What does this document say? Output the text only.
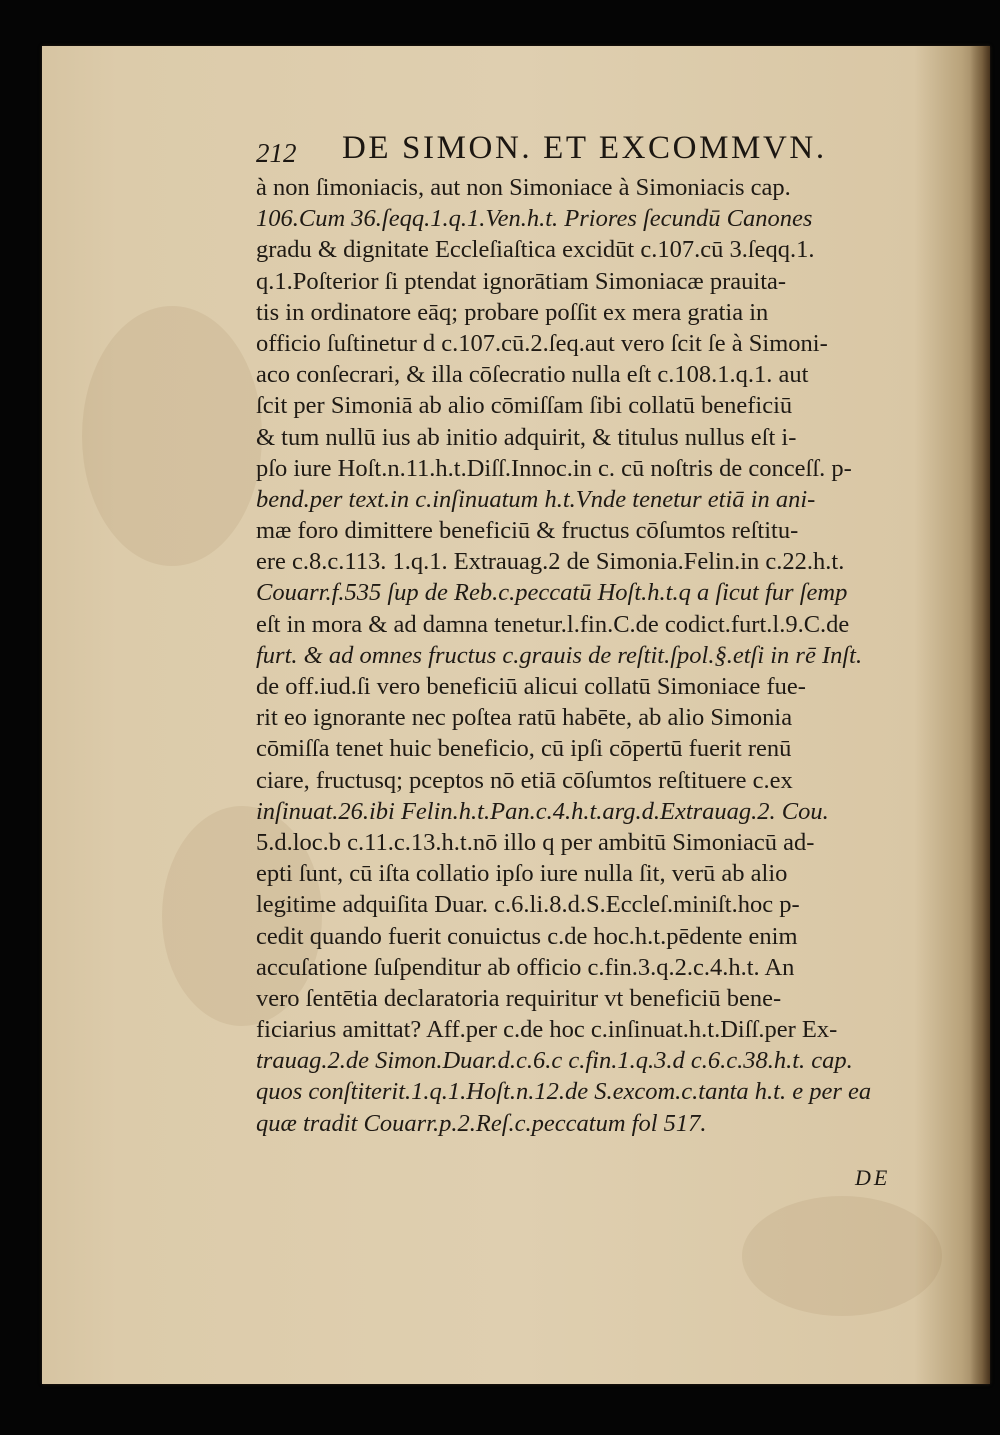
212 DE SIMON. ET EXCOMMVN.
à non ſimoniacis, aut non Simoniace à Simoniacis cap.
106.Cum 36.ſeqq.1.q.1.Ven.h.t. Priores ſecundū Canones
gradu & dignitate Eccleſiaſtica excidūt c.107.cū 3.ſeqq.1.
q.1.Poſterior ſi ptendat ignorātiam Simoniacæ prauita-
tis in ordinatore eāq; probare poſſit ex mera gratia in
officio ſuſtinetur d c.107.cū.2.ſeq.aut vero ſcit ſe à Simoni-
aco conſecrari, & illa cōſecratio nulla eſt c.108.1.q.1. aut
ſcit per Simoniā ab alio cōmiſſam ſibi collatū beneficiū
& tum nullū ius ab initio adquirit, & titulus nullus eſt i-
pſo iure Hoſt.n.11.h.t.Diſſ.Innoc.in c. cū noſtris de conceſſ. p-
bend.per text.in c.inſinuatum h.t.Vnde tenetur etiā in ani-
mæ foro dimittere beneficiū & fructus cōſumtos reſtitu-
ere c.8.c.113. 1.q.1. Extrauag.2 de Simonia.Felin.in c.22.h.t.
Couarr.f.535 ſup de Reb.c.peccatū Hoſt.h.t.q a ſicut fur ſemp
eſt in mora & ad damna tenetur.l.fin.C.de codict.furt.l.9.C.de
furt. & ad omnes fructus c.grauis de reſtit.ſpol.§.etſi in rē Inſt.
de off.iud.ſi vero beneficiū alicui collatū Simoniace fue-
rit eo ignorante nec poſtea ratū habēte, ab alio Simonia
cōmiſſa tenet huic beneficio, cū ipſi cōpertū fuerit renū
ciare, fructusq; pceptos nō etiā cōſumtos reſtituere c.ex
inſinuat.26.ibi Felin.h.t.Pan.c.4.h.t.arg.d.Extrauag.2. Cou.
5.d.loc.b c.11.c.13.h.t.nō illo q per ambitū Simoniacū ad-
epti ſunt, cū iſta collatio ipſo iure nulla ſit, verū ab alio
legitime adquiſita Duar. c.6.li.8.d.S.Eccleſ.miniſt.hoc p-
cedit quando fuerit conuictus c.de hoc.h.t.pēdente enim
accuſatione ſuſpenditur ab officio c.fin.3.q.2.c.4.h.t. An
vero ſentētia declaratoria requiritur vt beneficiū bene-
ficiarius amittat? Aff.per c.de hoc c.inſinuat.h.t.Diſſ.per Ex-
trauag.2.de Simon.Duar.d.c.6.c c.fin.1.q.3.d c.6.c.38.h.t. cap.
quos conſtiterit.1.q.1.Hoſt.n.12.de S.excom.c.tanta h.t. e per ea
quæ tradit Couarr.p.2.Reſ.c.peccatum fol 517.
DE
